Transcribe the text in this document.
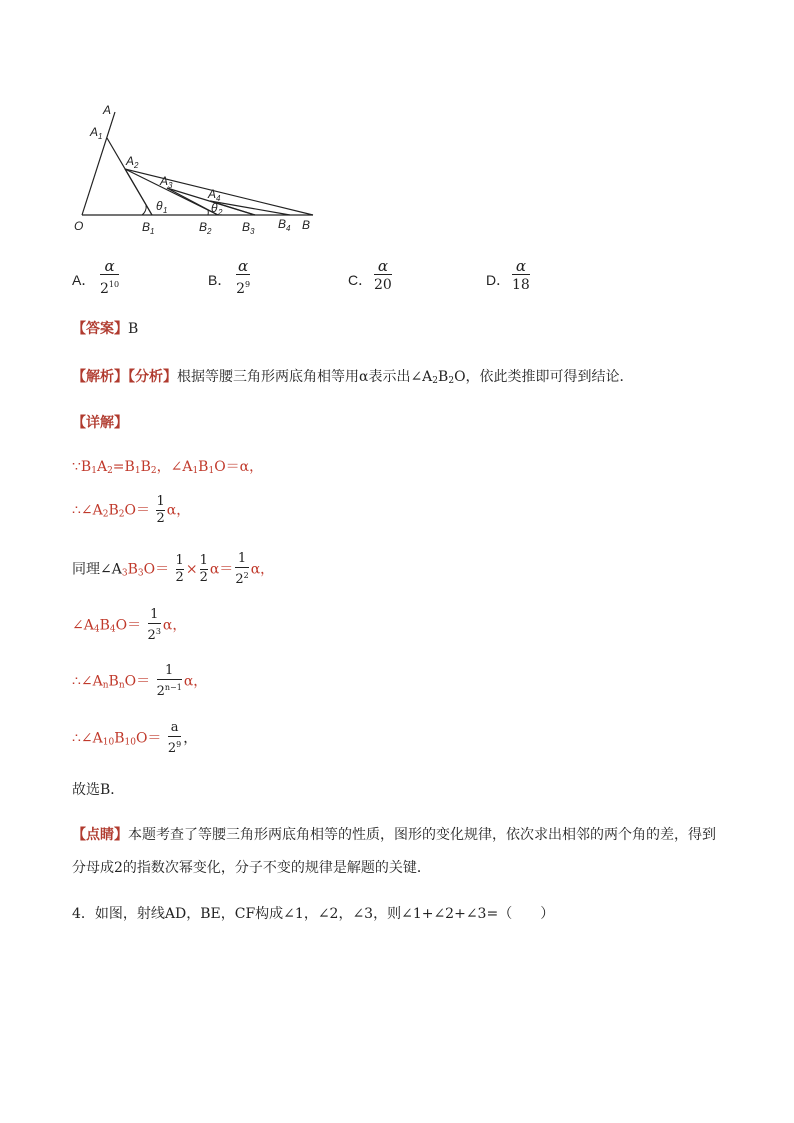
A
A 1
A 2
A 3
A 4
O	B 1	B 2	B 3
B 4 B
θ 1	θ 2
A．
α
$2^{10}$	B．
α
$2^9$	C．
α
20	D．
α
18
【答案】B
【解析】【分析】根据等腰三角形两底角相等用α表示出$\angle A_2B_2O$，依此类推即可得到结论．
【详解】
$\because B_1A_2=B_1B_2$，$\angle A_1B_1O=\alpha$，
$\therefore\angle A_2B_2O= \frac{1}{2}$ α，
同理$\angle A_3B_3O= \frac{1}{2} \times \frac{1}{2} \alpha= \frac{1}{2^2}$ α，
$\angle A_4B_4O= \frac{1}{2^3}$ α，
$\therefore\angle A_nB_nO= \frac{1}{2^{n-1}}$ α，
$\therefore\angle A_{10}B_{10}O= \frac{a}{2^9}$ ，
故选B．
【点睛】本题考查了等腰三角形两底角相等的性质，图形的变化规律，依次求出相邻的两个角的差，得到
分母成2的指数次幂变化，分子不变的规律是解题的关键．
4．如图，射线AD，BE，CF构成∠1，∠2，∠3，则∠1+∠2+∠3=（　　）
